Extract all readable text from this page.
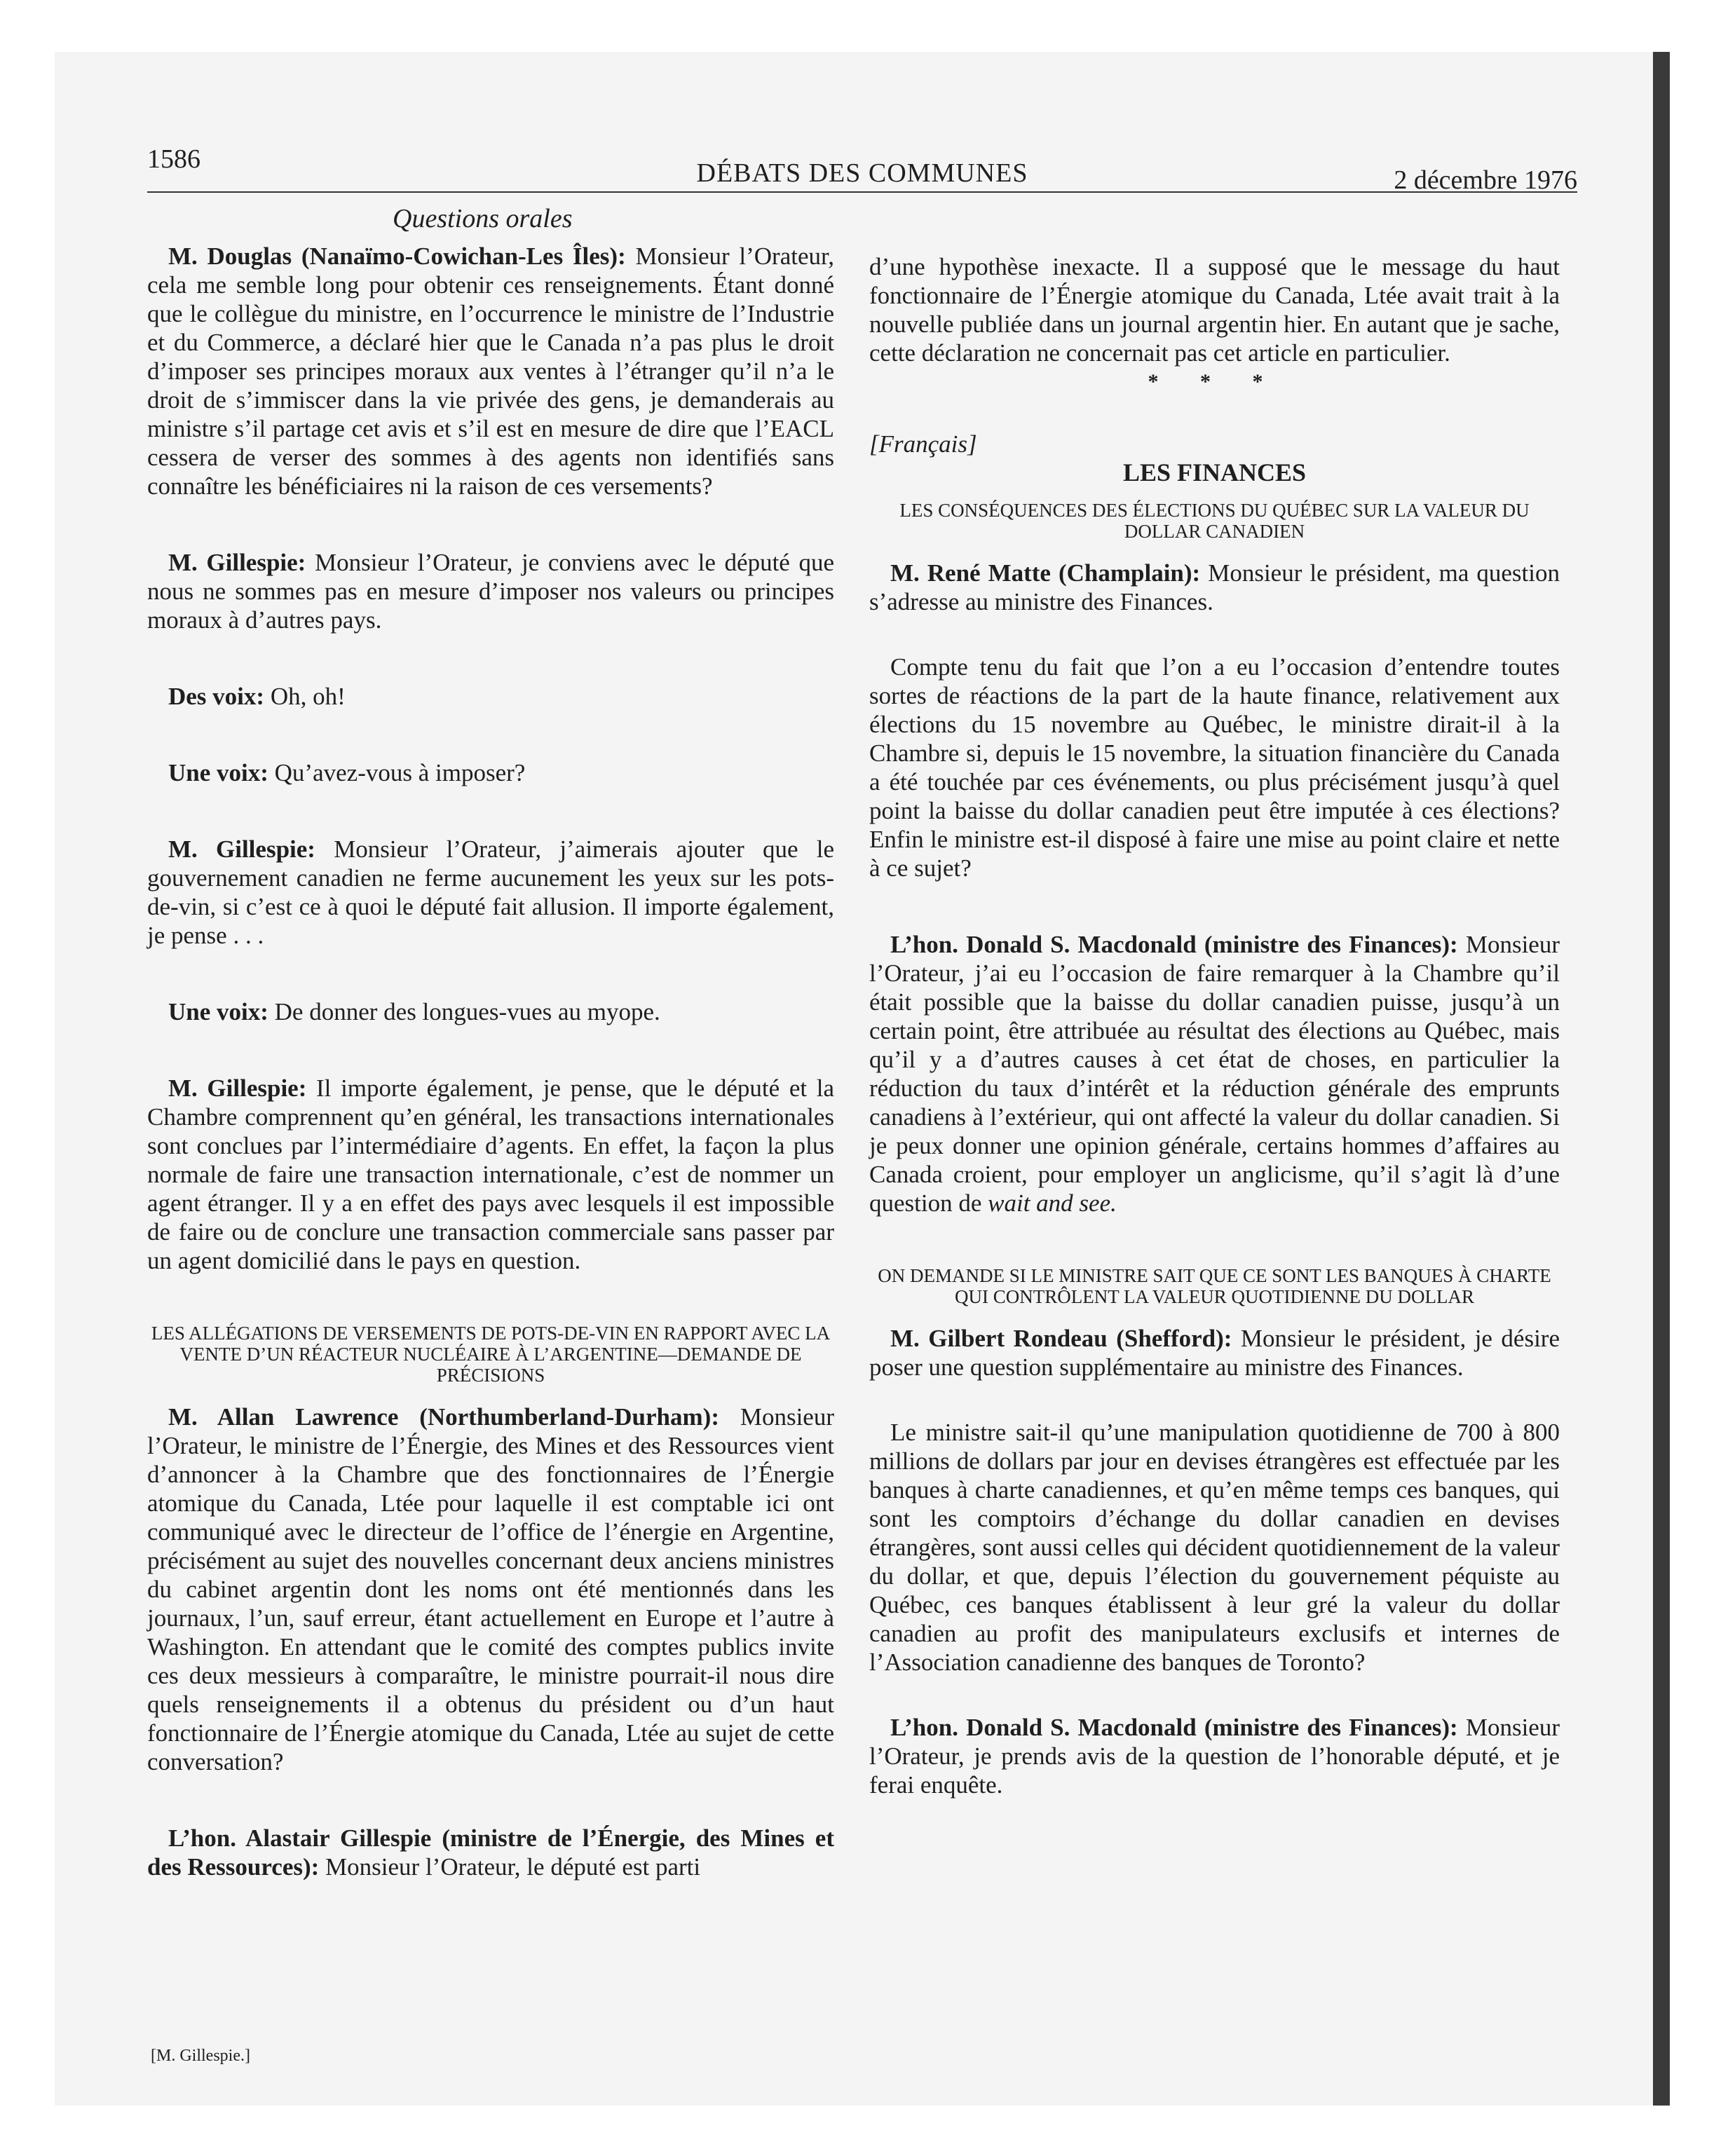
1586	DÉBATS DES COMMUNES	2 décembre 1976
Questions orales

M. Douglas (Nanaïmo-Cowichan-Les Îles): Monsieur l’Orateur, cela me semble long pour obtenir ces renseignements. Étant donné que le collègue du ministre, en l’occurrence le ministre de l’Industrie et du Commerce, a déclaré hier que le Canada n’a pas plus le droit d’imposer ses principes moraux aux ventes à l’étranger qu’il n’a le droit de s’immiscer dans la vie privée des gens, je demanderais au ministre s’il partage cet avis et s’il est en mesure de dire que l’EACL cessera de verser des sommes à des agents non identifiés sans connaître les bénéficiaires ni la raison de ces versements?

M. Gillespie: Monsieur l’Orateur, je conviens avec le député que nous ne sommes pas en mesure d’imposer nos valeurs ou principes moraux à d’autres pays.

Des voix: Oh, oh!

Une voix: Qu’avez-vous à imposer?

M. Gillespie: Monsieur l’Orateur, j’aimerais ajouter que le gouvernement canadien ne ferme aucunement les yeux sur les pots-de-vin, si c’est ce à quoi le député fait allusion. Il importe également, je pense . . .

Une voix: De donner des longues-vues au myope.

M. Gillespie: Il importe également, je pense, que le député et la Chambre comprennent qu’en général, les transactions internationales sont conclues par l’intermédiaire d’agents. En effet, la façon la plus normale de faire une transaction internationale, c’est de nommer un agent étranger. Il y a en effet des pays avec lesquels il est impossible de faire ou de conclure une transaction commerciale sans passer par un agent domicilié dans le pays en question.

LES ALLÉGATIONS DE VERSEMENTS DE POTS-DE-VIN EN RAPPORT AVEC LA VENTE D’UN RÉACTEUR NUCLÉAIRE À L’ARGENTINE—DEMANDE DE PRÉCISIONS

M. Allan Lawrence (Northumberland-Durham): Monsieur l’Orateur, le ministre de l’Énergie, des Mines et des Ressources vient d’annoncer à la Chambre que des fonctionnaires de l’Énergie atomique du Canada, Ltée pour laquelle il est comptable ici ont communiqué avec le directeur de l’office de l’énergie en Argentine, précisément au sujet des nouvelles concernant deux anciens ministres du cabinet argentin dont les noms ont été mentionnés dans les journaux, l’un, sauf erreur, étant actuellement en Europe et l’autre à Washington. En attendant que le comité des comptes publics invite ces deux messieurs à comparaître, le ministre pourrait-il nous dire quels renseignements il a obtenus du président ou d’un haut fonctionnaire de l’Énergie atomique du Canada, Ltée au sujet de cette conversation?

L’hon. Alastair Gillespie (ministre de l’Énergie, des Mines et des Ressources): Monsieur l’Orateur, le député est parti

d’une hypothèse inexacte. Il a supposé que le message du haut fonctionnaire de l’Énergie atomique du Canada, Ltée avait trait à la nouvelle publiée dans un journal argentin hier. En autant que je sache, cette déclaration ne concernait pas cet article en particulier.

* * *

[Français]

LES FINANCES

LES CONSÉQUENCES DES ÉLECTIONS DU QUÉBEC SUR LA VALEUR DU DOLLAR CANADIEN

M. René Matte (Champlain): Monsieur le président, ma question s’adresse au ministre des Finances.

Compte tenu du fait que l’on a eu l’occasion d’entendre toutes sortes de réactions de la part de la haute finance, relativement aux élections du 15 novembre au Québec, le ministre dirait-il à la Chambre si, depuis le 15 novembre, la situation financière du Canada a été touchée par ces événements, ou plus précisément jusqu’à quel point la baisse du dollar canadien peut être imputée à ces élections? Enfin le ministre est-il disposé à faire une mise au point claire et nette à ce sujet?

L’hon. Donald S. Macdonald (ministre des Finances): Monsieur l’Orateur, j’ai eu l’occasion de faire remarquer à la Chambre qu’il était possible que la baisse du dollar canadien puisse, jusqu’à un certain point, être attribuée au résultat des élections au Québec, mais qu’il y a d’autres causes à cet état de choses, en particulier la réduction du taux d’intérêt et la réduction générale des emprunts canadiens à l’extérieur, qui ont affecté la valeur du dollar canadien. Si je peux donner une opinion générale, certains hommes d’affaires au Canada croient, pour employer un anglicisme, qu’il s’agit là d’une question de wait and see.

ON DEMANDE SI LE MINISTRE SAIT QUE CE SONT LES BANQUES À CHARTE QUI CONTRÔLENT LA VALEUR QUOTIDIENNE DU DOLLAR

M. Gilbert Rondeau (Shefford): Monsieur le président, je désire poser une question supplémentaire au ministre des Finances.

Le ministre sait-il qu’une manipulation quotidienne de 700 à 800 millions de dollars par jour en devises étrangères est effectuée par les banques à charte canadiennes, et qu’en même temps ces banques, qui sont les comptoirs d’échange du dollar canadien en devises étrangères, sont aussi celles qui décident quotidiennement de la valeur du dollar, et que, depuis l’élection du gouvernement péquiste au Québec, ces banques établissent à leur gré la valeur du dollar canadien au profit des manipulateurs exclusifs et internes de l’Association canadienne des banques de Toronto?

L’hon. Donald S. Macdonald (ministre des Finances): Monsieur l’Orateur, je prends avis de la question de l’honorable député, et je ferai enquête.

[M. Gillespie.]
